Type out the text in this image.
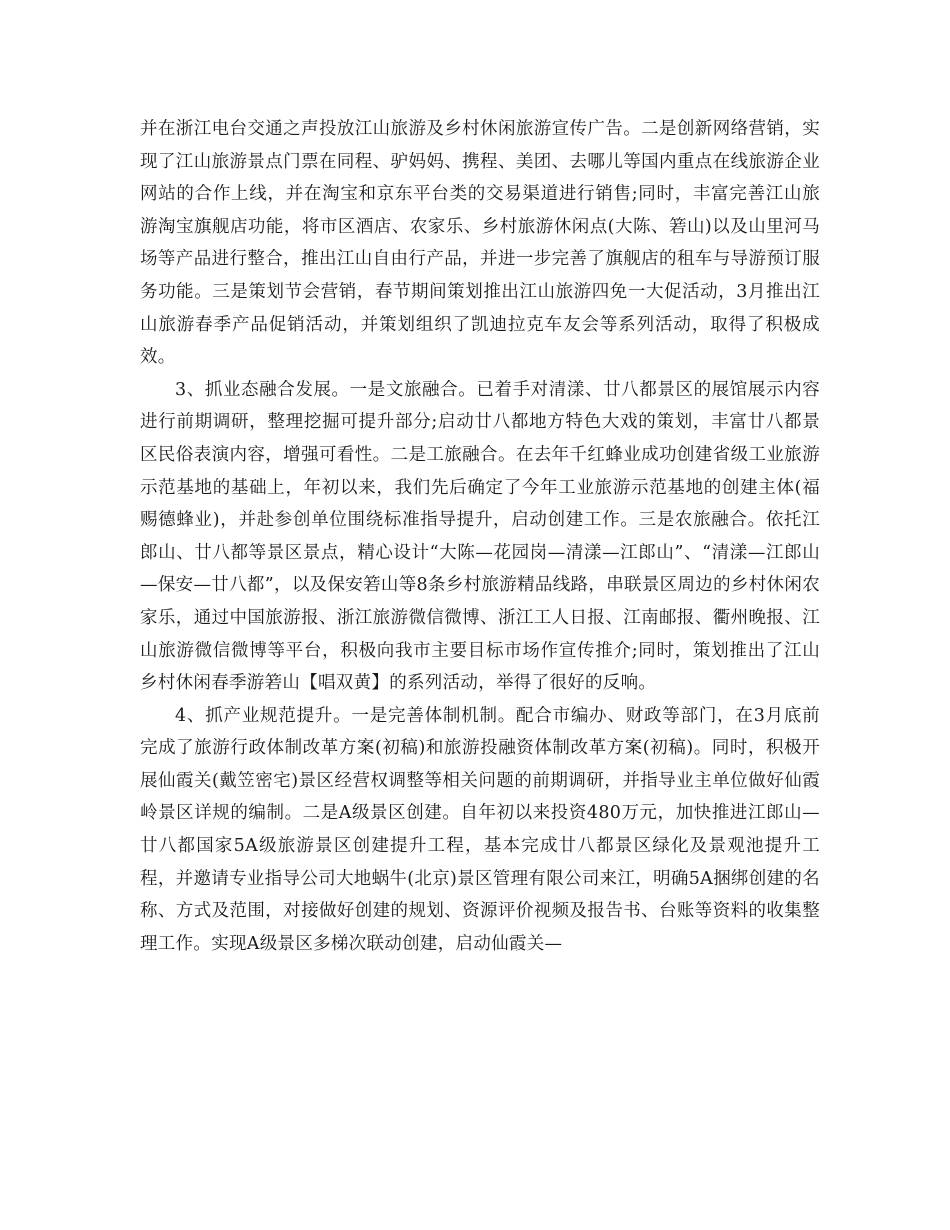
并在浙江电台交通之声投放江山旅游及乡村休闲旅游宣传广告。二是创新网络营销，实现了江山旅游景点门票在同程、驴妈妈、携程、美团、去哪儿等国内重点在线旅游企业网站的合作上线，并在淘宝和京东平台类的交易渠道进行销售;同时，丰富完善江山旅游淘宝旗舰店功能，将市区酒店、农家乐、乡村旅游休闲点(大陈、箬山)以及山里河马场等产品进行整合，推出江山自由行产品，并进一步完善了旗舰店的租车与导游预订服务功能。三是策划节会营销，春节期间策划推出江山旅游四免一大促活动，3月推出江山旅游春季产品促销活动，并策划组织了凯迪拉克车友会等系列活动，取得了积极成效。

3、抓业态融合发展。一是文旅融合。已着手对清漾、廿八都景区的展馆展示内容进行前期调研，整理挖掘可提升部分;启动廿八都地方特色大戏的策划，丰富廿八都景区民俗表演内容，增强可看性。二是工旅融合。在去年千红蜂业成功创建省级工业旅游示范基地的基础上，年初以来，我们先后确定了今年工业旅游示范基地的创建主体(福赐德蜂业)，并赴参创单位围绕标准指导提升，启动创建工作。三是农旅融合。依托江郎山、廿八都等景区景点，精心设计“大陈—花园岗—清漾—江郎山”、“清漾—江郎山—保安—廿八都”，以及保安箬山等8条乡村旅游精品线路，串联景区周边的乡村休闲农家乐，通过中国旅游报、浙江旅游微信微博、浙江工人日报、江南邮报、衢州晚报、江山旅游微信微博等平台，积极向我市主要目标市场作宣传推介;同时，策划推出了江山乡村休闲春季游箬山【唱双黄】的系列活动，举得了很好的反响。

4、抓产业规范提升。一是完善体制机制。配合市编办、财政等部门，在3月底前完成了旅游行政体制改革方案(初稿)和旅游投融资体制改革方案(初稿)。同时，积极开展仙霞关(戴笠密宅)景区经营权调整等相关问题的前期调研，并指导业主单位做好仙霞岭景区详规的编制。二是A级景区创建。自年初以来投资480万元，加快推进江郎山—廿八都国家5A级旅游景区创建提升工程，基本完成廿八都景区绿化及景观池提升工程，并邀请专业指导公司大地蜗牛(北京)景区管理有限公司来江，明确5A捆绑创建的名称、方式及范围，对接做好创建的规划、资源评价视频及报告书、台账等资料的收集整理工作。实现A级景区多梯次联动创建，启动仙霞关—
